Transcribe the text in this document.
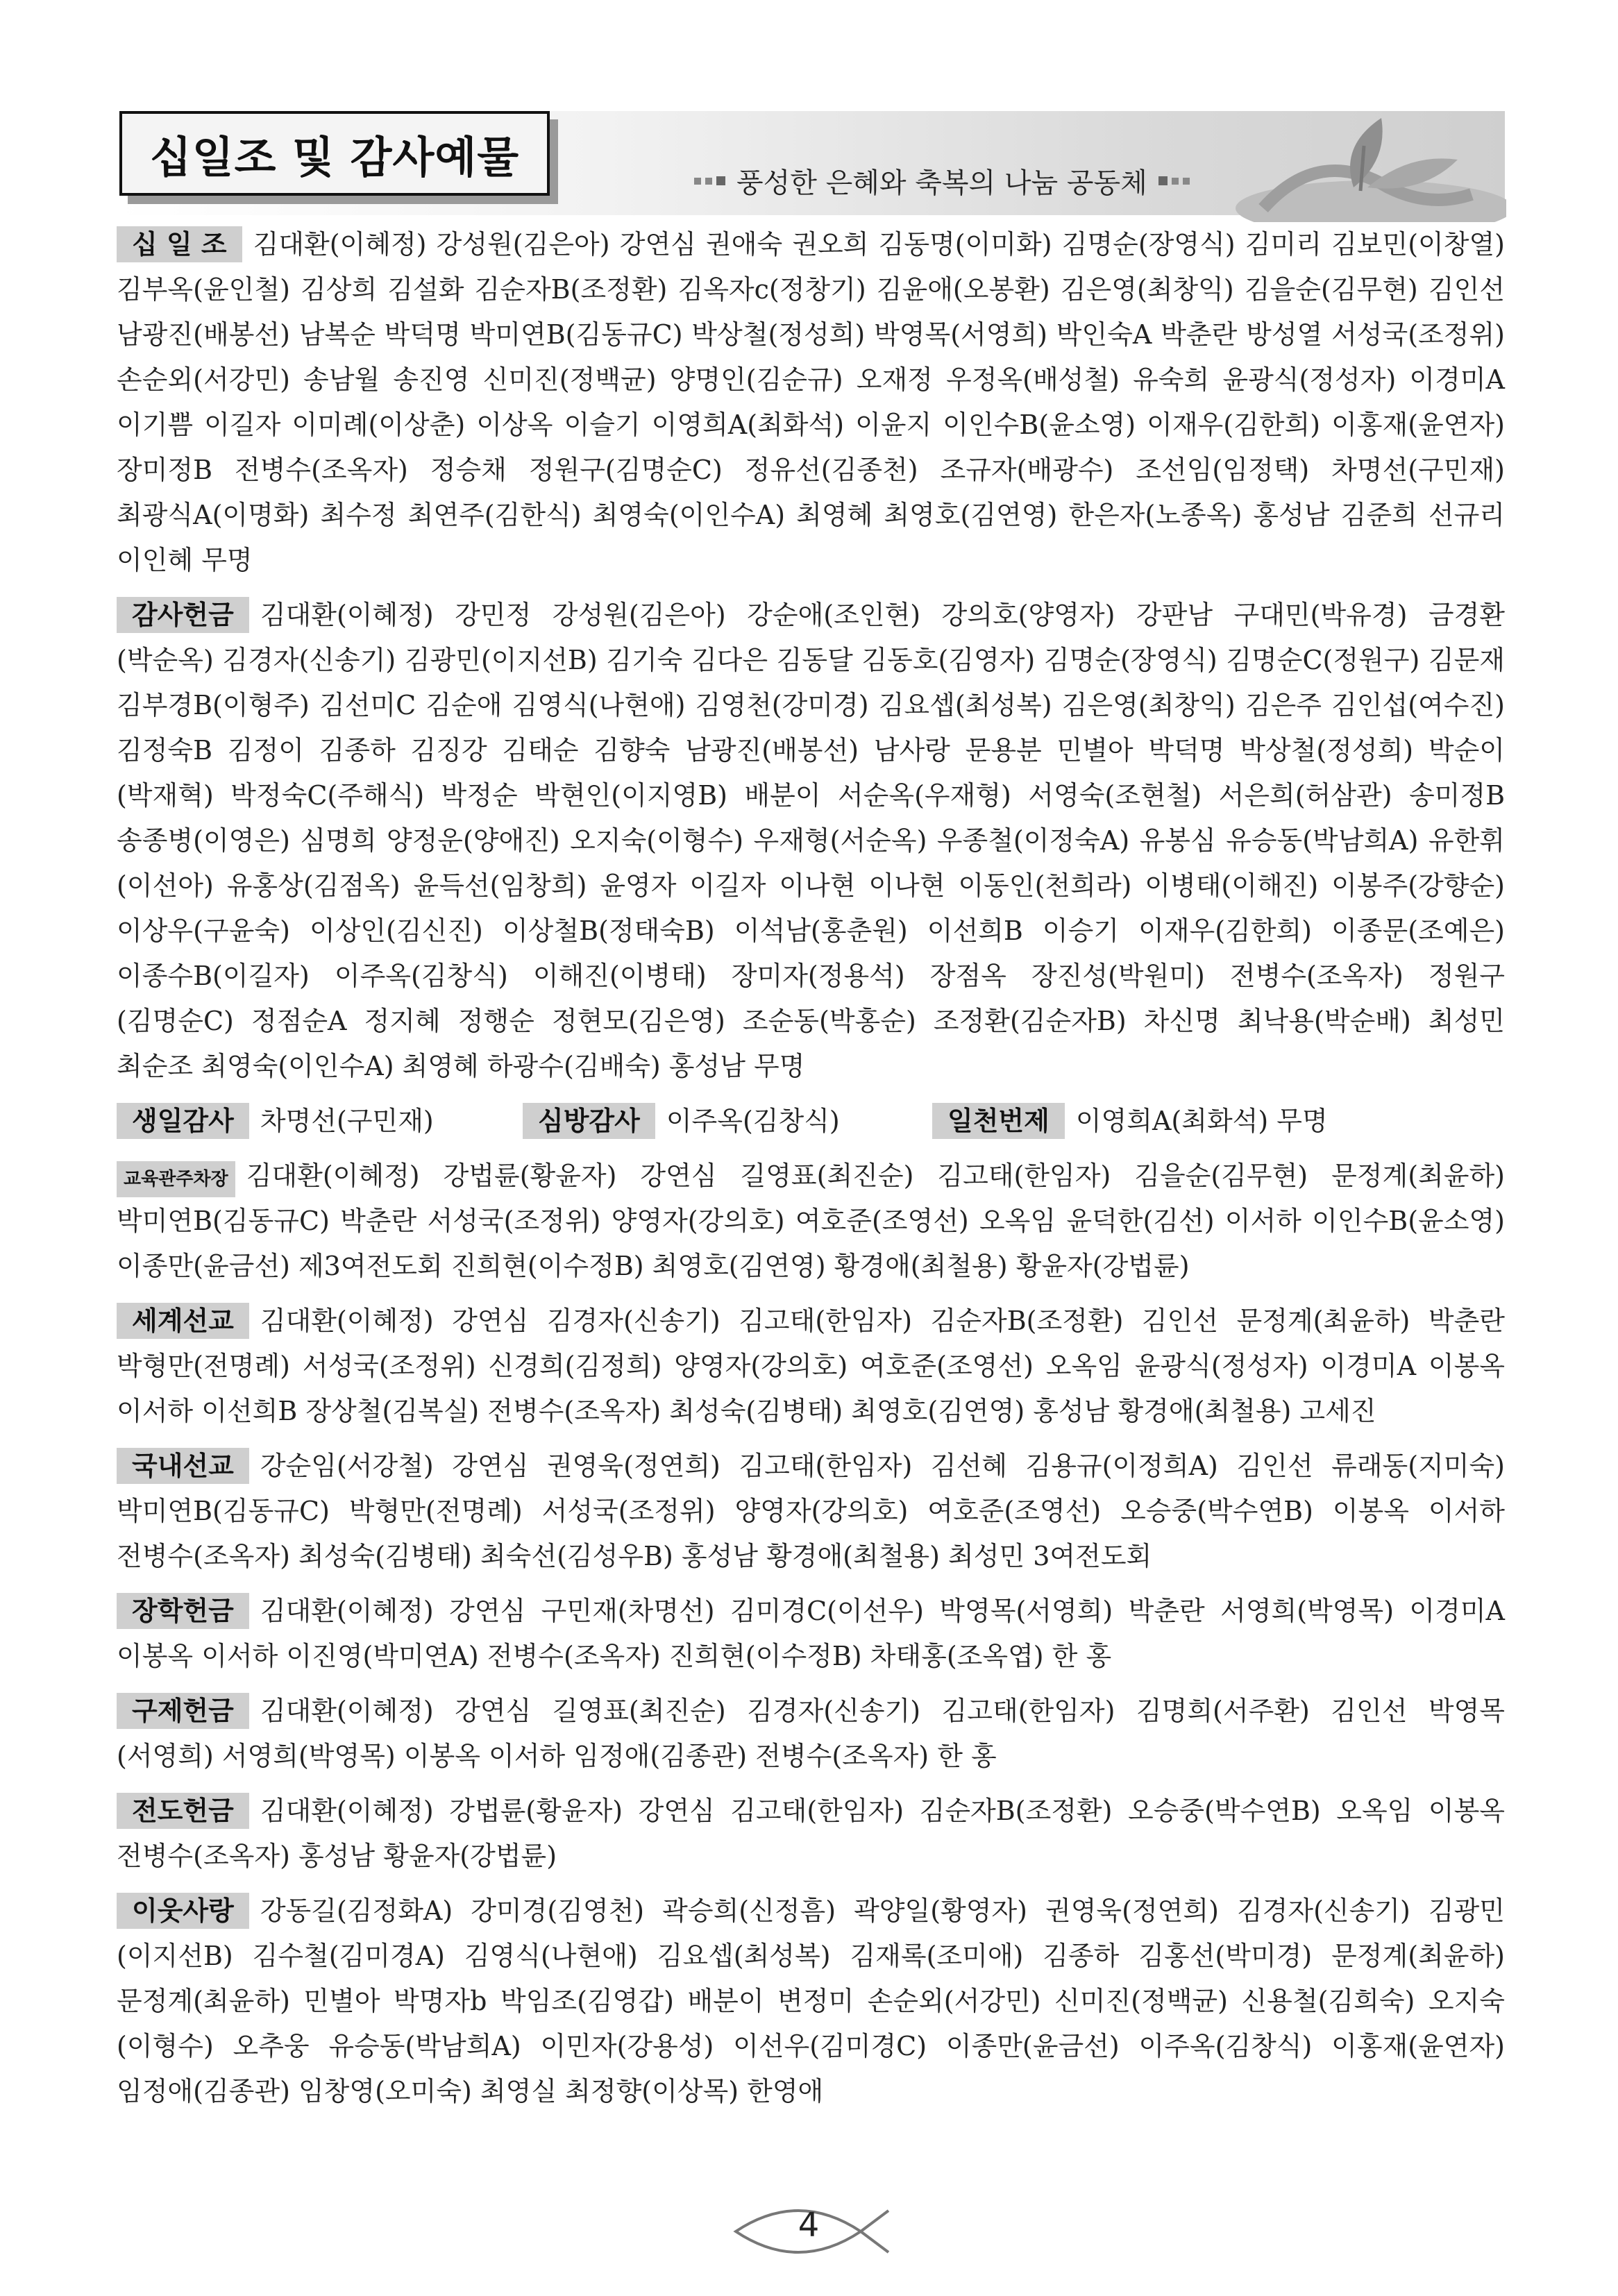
십일조 및 감사예물
풍성한 은혜와 축복의 나눔 공동체

십 일 조 김대환(이혜정) 강성원(김은아) 강연심 권애숙 권오희 김동명(이미화) 김명순(장영식) 김미리 김보민(이창열) 김부옥(윤인철) 김상희 김설화 김순자B(조정환) 김옥자c(정창기) 김윤애(오봉환) 김은영(최창익) 김을순(김무현) 김인선 남광진(배봉선) 남복순 박덕명 박미연B(김동규C) 박상철(정성희) 박영목(서영희) 박인숙A 박춘란 방성열 서성국(조정위) 손순외(서강민) 송남월 송진영 신미진(정백균) 양명인(김순규) 오재정 우정옥(배성철) 유숙희 윤광식(정성자) 이경미A 이기쁨 이길자 이미례(이상춘) 이상옥 이슬기 이영희A(최화석) 이윤지 이인수B(윤소영) 이재우(김한희) 이홍재(윤연자) 장미정B 전병수(조옥자) 정승채 정원구(김명순C) 정유선(김종천) 조규자(배광수) 조선임(임정택) 차명선(구민재) 최광식A(이명화) 최수정 최연주(김한식) 최영숙(이인수A) 최영혜 최영호(김연영) 한은자(노종옥) 홍성남 김준희 선규리 이인혜 무명

감사헌금 김대환(이혜정) 강민정 강성원(김은아) 강순애(조인현) 강의호(양영자) 강판남 구대민(박유경) 금경환(박순옥) 김경자(신송기) 김광민(이지선B) 김기숙 김다은 김동달 김동호(김영자) 김명순(장영식) 김명순C(정원구) 김문재 김부경B(이형주) 김선미C 김순애 김영식(나현애) 김영천(강미경) 김요셉(최성복) 김은영(최창익) 김은주 김인섭(여수진) 김정숙B 김정이 김종하 김징강 김태순 김향숙 남광진(배봉선) 남사랑 문용분 민별아 박덕명 박상철(정성희) 박순이(박재혁) 박정숙C(주해식) 박정순 박현인(이지영B) 배분이 서순옥(우재형) 서영숙(조현철) 서은희(허삼관) 송미정B 송종병(이영은) 심명희 양정운(양애진) 오지숙(이형수) 우재형(서순옥) 우종철(이정숙A) 유봉심 유승동(박남희A) 유한휘(이선아) 유홍상(김점옥) 윤득선(임창희) 윤영자 이길자 이나현 이나현 이동인(천희라) 이병태(이해진) 이봉주(강향순) 이상우(구윤숙) 이상인(김신진) 이상철B(정태숙B) 이석남(홍춘원) 이선희B 이승기 이재우(김한희) 이종문(조예은) 이종수B(이길자) 이주옥(김창식) 이해진(이병태) 장미자(정용석) 장점옥 장진성(박원미) 전병수(조옥자) 정원구(김명순C) 정점순A 정지혜 정행순 정현모(김은영) 조순동(박홍순) 조정환(김순자B) 차신명 최낙용(박순배) 최성민 최순조 최영숙(이인수A) 최영혜 하광수(김배숙) 홍성남 무명

생일감사 차명선(구민재)	심방감사 이주옥(김창식)	일천번제 이영희A(최화석) 무명

교육관주차장 김대환(이혜정) 강법륜(황윤자) 강연심 길영표(최진순) 김고태(한임자) 김을순(김무현) 문정계(최윤하) 박미연B(김동규C) 박춘란 서성국(조정위) 양영자(강의호) 여호준(조영선) 오옥임 윤덕한(김선) 이서하 이인수B(윤소영) 이종만(윤금선) 제3여전도회 진희현(이수정B) 최영호(김연영) 황경애(최철용) 황윤자(강법륜)

세계선교 김대환(이혜정) 강연심 김경자(신송기) 김고태(한임자) 김순자B(조정환) 김인선 문정계(최윤하) 박춘란 박형만(전명례) 서성국(조정위) 신경희(김정희) 양영자(강의호) 여호준(조영선) 오옥임 윤광식(정성자) 이경미A 이봉옥 이서하 이선희B 장상철(김복실) 전병수(조옥자) 최성숙(김병태) 최영호(김연영) 홍성남 황경애(최철용) 고세진

국내선교 강순임(서강철) 강연심 권영욱(정연희) 김고태(한임자) 김선혜 김용규(이정희A) 김인선 류래동(지미숙) 박미연B(김동규C) 박형만(전명례) 서성국(조정위) 양영자(강의호) 여호준(조영선) 오승중(박수연B) 이봉옥 이서하 전병수(조옥자) 최성숙(김병태) 최숙선(김성우B) 홍성남 황경애(최철용) 최성민 3여전도회

장학헌금 김대환(이혜정) 강연심 구민재(차명선) 김미경C(이선우) 박영목(서영희) 박춘란 서영희(박영목) 이경미A 이봉옥 이서하 이진영(박미연A) 전병수(조옥자) 진희현(이수정B) 차태홍(조옥엽) 한 홍

구제헌금 김대환(이혜정) 강연심 길영표(최진순) 김경자(신송기) 김고태(한임자) 김명희(서주환) 김인선 박영목(서영희) 서영희(박영목) 이봉옥 이서하 임정애(김종관) 전병수(조옥자) 한 홍

전도헌금 김대환(이혜정) 강법륜(황윤자) 강연심 김고태(한임자) 김순자B(조정환) 오승중(박수연B) 오옥임 이봉옥 전병수(조옥자) 홍성남 황윤자(강법륜)

이웃사랑 강동길(김정화A) 강미경(김영천) 곽승희(신정흠) 곽양일(황영자) 권영욱(정연희) 김경자(신송기) 김광민(이지선B) 김수철(김미경A) 김영식(나현애) 김요셉(최성복) 김재록(조미애) 김종하 김홍선(박미경) 문정계(최윤하) 문정계(최윤하) 민별아 박명자b 박임조(김영갑) 배분이 변정미 손순외(서강민) 신미진(정백균) 신용철(김희숙) 오지숙(이형수) 오추웅 유승동(박남희A) 이민자(강용성) 이선우(김미경C) 이종만(윤금선) 이주옥(김창식) 이홍재(윤연자) 임정애(김종관) 임창영(오미숙) 최영실 최정향(이상목) 한영애

4
